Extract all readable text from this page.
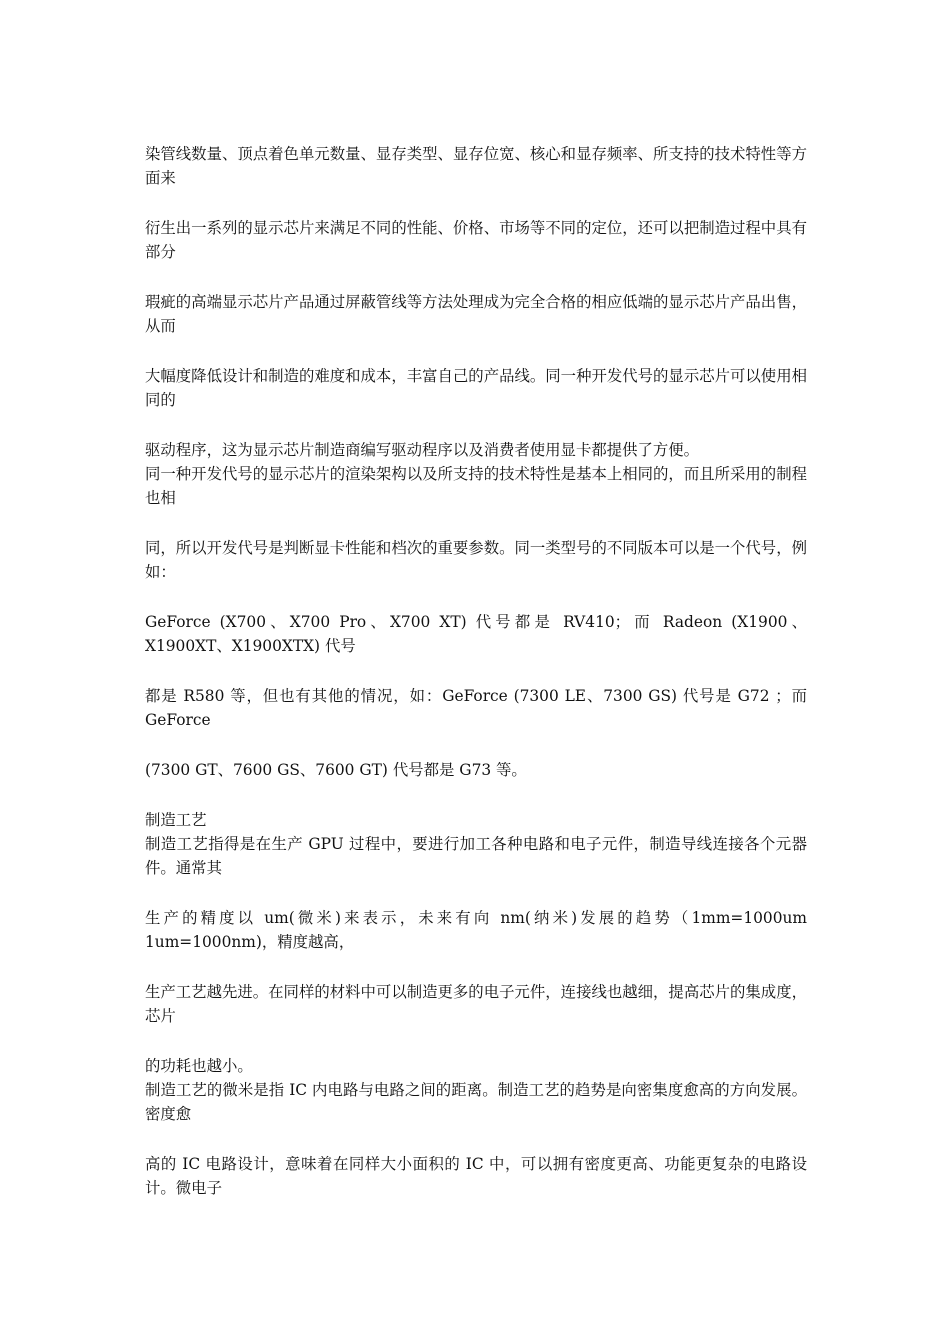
染管线数量、顶点着色单元数量、显存类型、显存位宽、核心和显存频率、所支持的技术特性等方面来

衍生出一系列的显示芯片来满足不同的性能、价格、市场等不同的定位，还可以把制造过程中具有部分

瑕疵的高端显示芯片产品通过屏蔽管线等方法处理成为完全合格的相应低端的显示芯片产品出售，从而

大幅度降低设计和制造的难度和成本，丰富自己的产品线。同一种开发代号的显示芯片可以使用相同的

驱动程序，这为显示芯片制造商编写驱动程序以及消费者使用显卡都提供了方便。

同一种开发代号的显示芯片的渲染架构以及所支持的技术特性是基本上相同的，而且所采用的制程也相

同，所以开发代号是判断显卡性能和档次的重要参数。同一类型号的不同版本可以是一个代号，例如：

GeForce (X700、X700 Pro、X700 XT) 代号都是 RV410；而 Radeon (X1900、X1900XT、X1900XTX) 代号

都是 R580 等，但也有其他的情况，如：GeForce (7300 LE、7300 GS) 代号是 G72 ；而 GeForce

(7300 GT、7600 GS、7600 GT) 代号都是 G73 等。

制造工艺

制造工艺指得是在生产 GPU 过程中，要进行加工各种电路和电子元件，制造导线连接各个元器件。通常其

生产的精度以 um(微米)来表示，未来有向 nm(纳米)发展的趋势（1mm=1000um 1um=1000nm)，精度越高，

生产工艺越先进。在同样的材料中可以制造更多的电子元件，连接线也越细，提高芯片的集成度，芯片

的功耗也越小。

制造工艺的微米是指 IC 内电路与电路之间的距离。制造工艺的趋势是向密集度愈高的方向发展。密度愈

高的 IC 电路设计，意味着在同样大小面积的 IC 中，可以拥有密度更高、功能更复杂的电路设计。微电子
